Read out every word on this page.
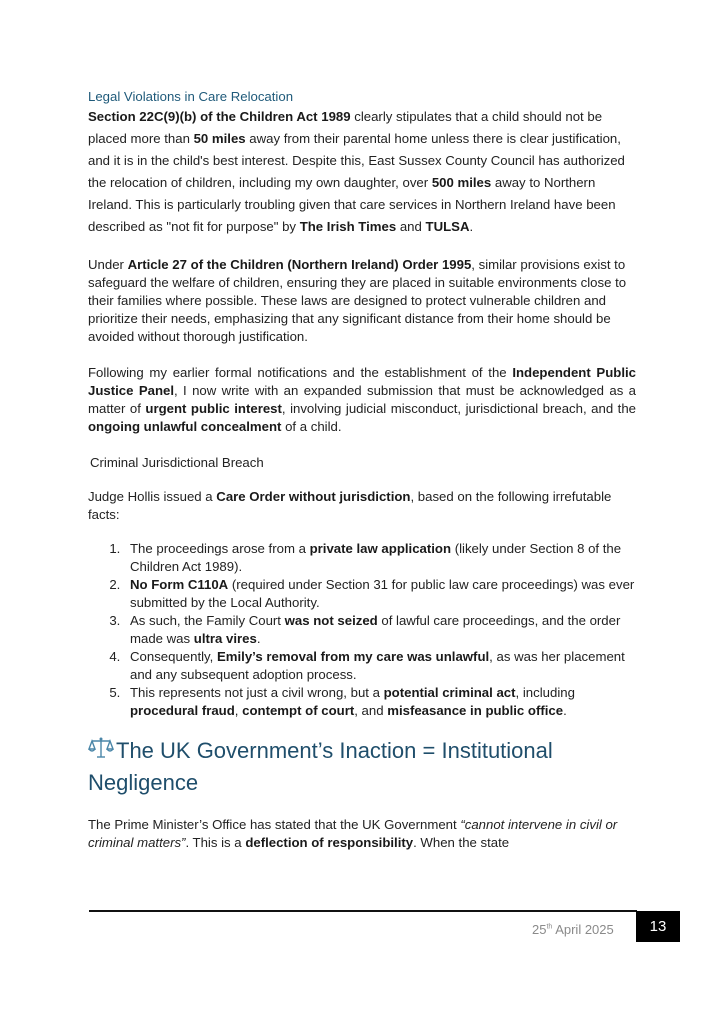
Legal Violations in Care Relocation

Section 22C(9)(b) of the Children Act 1989 clearly stipulates that a child should not be placed more than 50 miles away from their parental home unless there is clear justification, and it is in the child's best interest. Despite this, East Sussex County Council has authorized the relocation of children, including my own daughter, over 500 miles away to Northern Ireland. This is particularly troubling given that care services in Northern Ireland have been described as "not fit for purpose" by The Irish Times and TULSA.

Under Article 27 of the Children (Northern Ireland) Order 1995, similar provisions exist to safeguard the welfare of children, ensuring they are placed in suitable environments close to their families where possible. These laws are designed to protect vulnerable children and prioritize their needs, emphasizing that any significant distance from their home should be avoided without thorough justification.

Following my earlier formal notifications and the establishment of the Independent Public Justice Panel, I now write with an expanded submission that must be acknowledged as a matter of urgent public interest, involving judicial misconduct, jurisdictional breach, and the ongoing unlawful concealment of a child.

Criminal Jurisdictional Breach

Judge Hollis issued a Care Order without jurisdiction, based on the following irrefutable facts:

1. The proceedings arose from a private law application (likely under Section 8 of the Children Act 1989).
2. No Form C110A (required under Section 31 for public law care proceedings) was ever submitted by the Local Authority.
3. As such, the Family Court was not seized of lawful care proceedings, and the order made was ultra vires.
4. Consequently, Emily’s removal from my care was unlawful, as was her placement and any subsequent adoption process.
5. This represents not just a civil wrong, but a potential criminal act, including procedural fraud, contempt of court, and misfeasance in public office.
The UK Government’s Inaction = Institutional Negligence

The Prime Minister’s Office has stated that the UK Government “cannot intervene in civil or criminal matters”. This is a deflection of responsibility. When the state

25th April 2025	13
